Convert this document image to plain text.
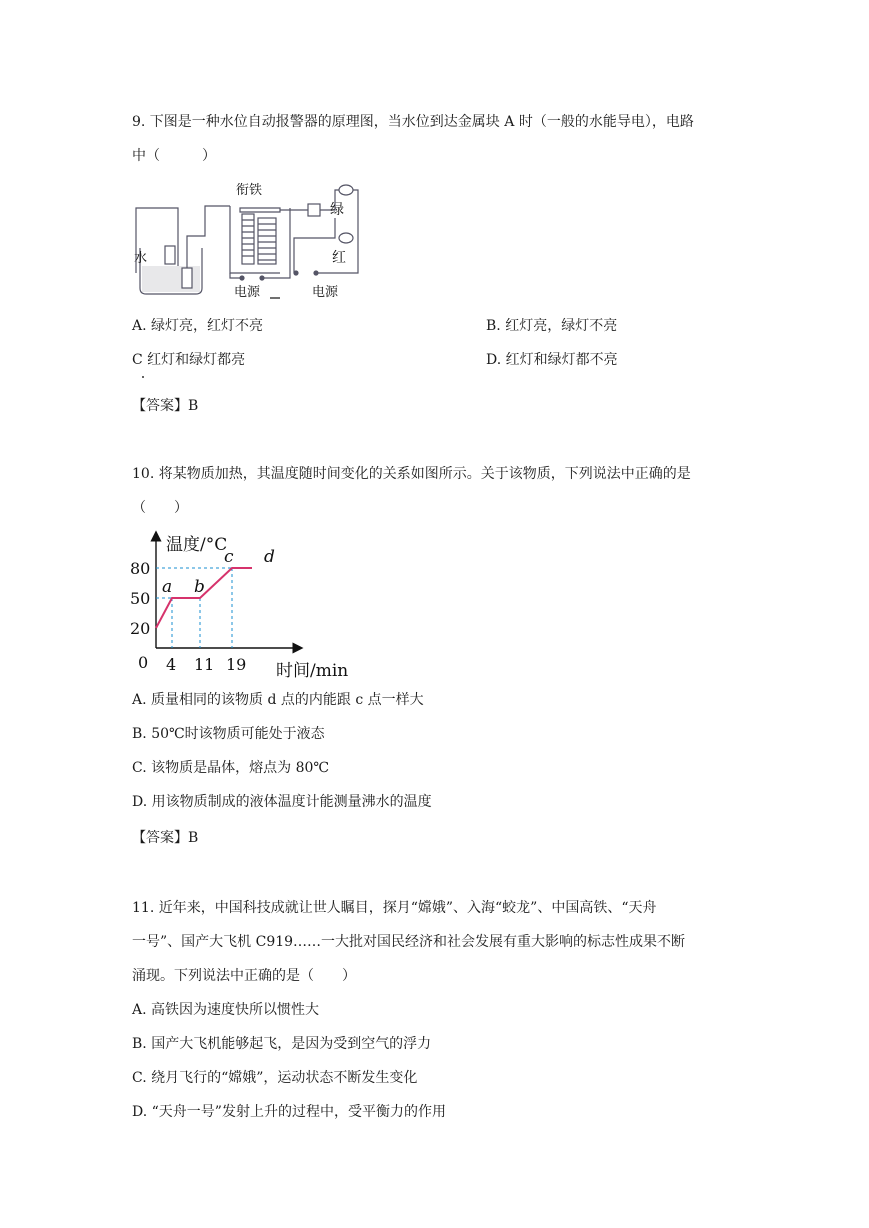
9. 下图是一种水位自动报警器的原理图，当水位到达金属块 A 时（一般的水能导电），电路
中（　　　）
衔铁
水
绿
红
电源	电源
A. 绿灯亮，红灯不亮	B. 红灯亮，绿灯不亮
C 红灯和绿灯都亮	D. 红灯和绿灯都不亮
【答案】B
10. 将某物质加热，其温度随时间变化的关系如图所示。关于该物质，下列说法中正确的是
（　　）
温度/°C
时间/min
0 4 11 19
20
50
80
a b
c d
A. 质量相同的该物质 d 点的内能跟 c 点一样大
B. 50℃时该物质可能处于液态
C. 该物质是晶体，熔点为 80℃
D. 用该物质制成的液体温度计能测量沸水的温度
【答案】B
11. 近年来，中国科技成就让世人瞩目，探月“嫦娥”、入海“蛟龙”、中国高铁、“天舟
一号”、国产大飞机 C919……一大批对国民经济和社会发展有重大影响的标志性成果不断
涌现。下列说法中正确的是（　　）
A. 高铁因为速度快所以惯性大
B. 国产大飞机能够起飞，是因为受到空气的浮力
C. 绕月飞行的“嫦娥”，运动状态不断发生变化
D. “天舟一号”发射上升的过程中，受平衡力的作用
